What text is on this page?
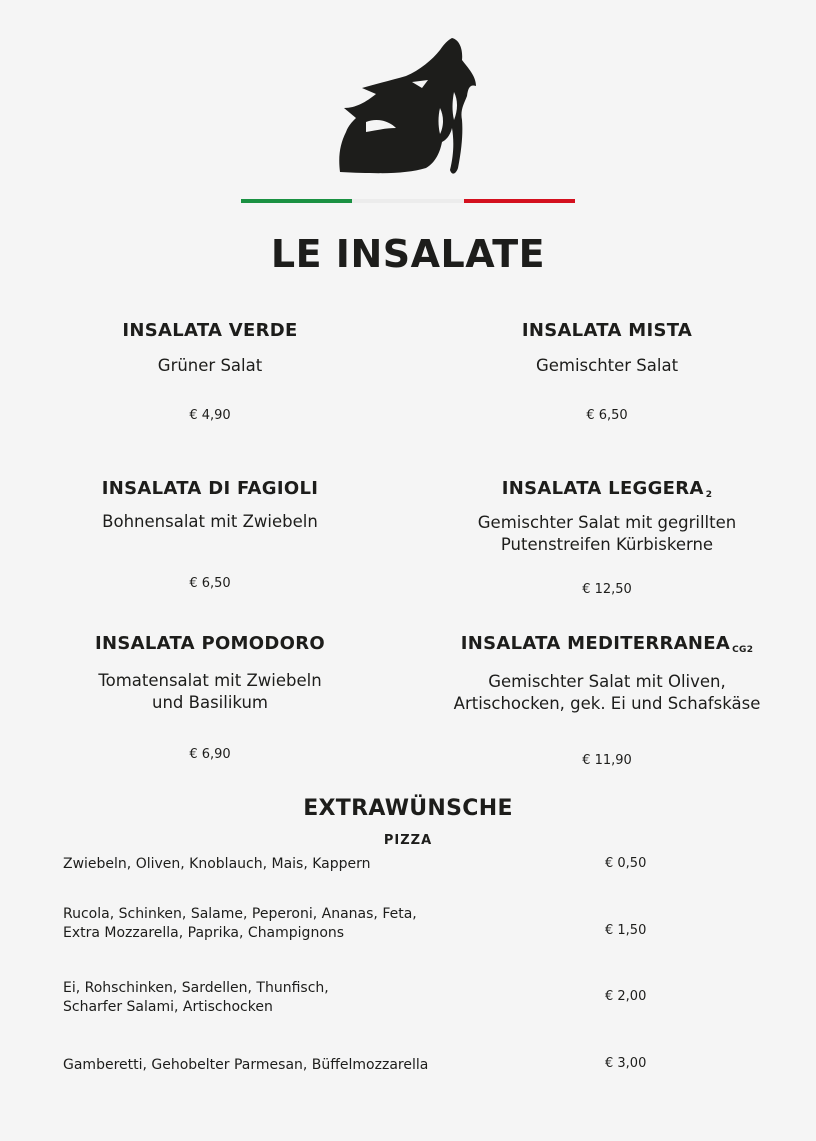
LE INSALATE
INSALATA VERDE
Grüner Salat
€ 4,90
INSALATA MISTA
Gemischter Salat
€ 6,50
INSALATA DI FAGIOLI
Bohnensalat mit Zwiebeln
€ 6,50
INSALATA LEGGERA $_2$
Gemischter Salat mit gegrillten
Putenstreifen Kürbiskerne
€ 12,50
INSALATA POMODORO
Tomatensalat mit Zwiebeln
und Basilikum
€ 6,90
INSALATA MEDITERRANEA $_{CG2}$
Gemischter Salat mit Oliven,
Artischocken, gek. Ei und Schafskäse
€ 11,90
EXTRAWÜNSCHE
PIZZA
Zwiebeln, Oliven, Knoblauch, Mais, Kappern	€ 0,50
Rucola, Schinken, Salame, Peperoni, Ananas, Feta,
Extra Mozzarella, Paprika, Champignons	€ 1,50
Ei, Rohschinken, Sardellen, Thunfisch,
Scharfer Salami, Artischocken
€ 2,00
Gamberetti, Gehobelter Parmesan, Büffelmozzarella	€ 3,00
